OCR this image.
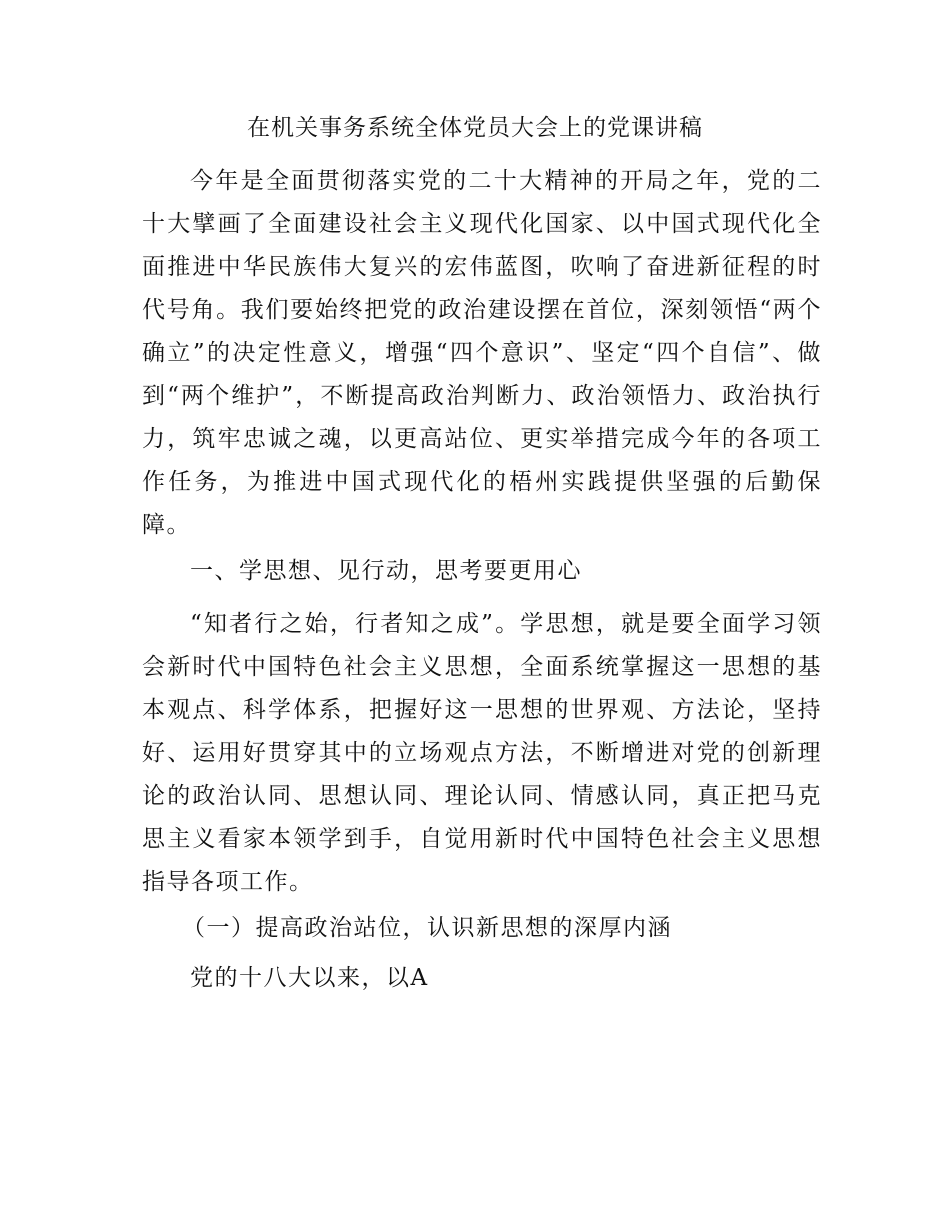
在机关事务系统全体党员大会上的党课讲稿

今年是全面贯彻落实党的二十大精神的开局之年，党的二十大擘画了全面建设社会主义现代化国家、以中国式现代化全面推进中华民族伟大复兴的宏伟蓝图，吹响了奋进新征程的时代号角。我们要始终把党的政治建设摆在首位，深刻领悟“两个确立”的决定性意义，增强“四个意识”、坚定“四个自信”、做到“两个维护”，不断提高政治判断力、政治领悟力、政治执行力，筑牢忠诚之魂，以更高站位、更实举措完成今年的各项工作任务，为推进中国式现代化的梧州实践提供坚强的后勤保障。

一、学思想、见行动，思考要更用心

“知者行之始，行者知之成”。学思想，就是要全面学习领会新时代中国特色社会主义思想，全面系统掌握这一思想的基本观点、科学体系，把握好这一思想的世界观、方法论，坚持好、运用好贯穿其中的立场观点方法，不断增进对党的创新理论的政治认同、思想认同、理论认同、情感认同，真正把马克思主义看家本领学到手，自觉用新时代中国特色社会主义思想指导各项工作。

（一）提高政治站位，认识新思想的深厚内涵

党的十八大以来，以A
